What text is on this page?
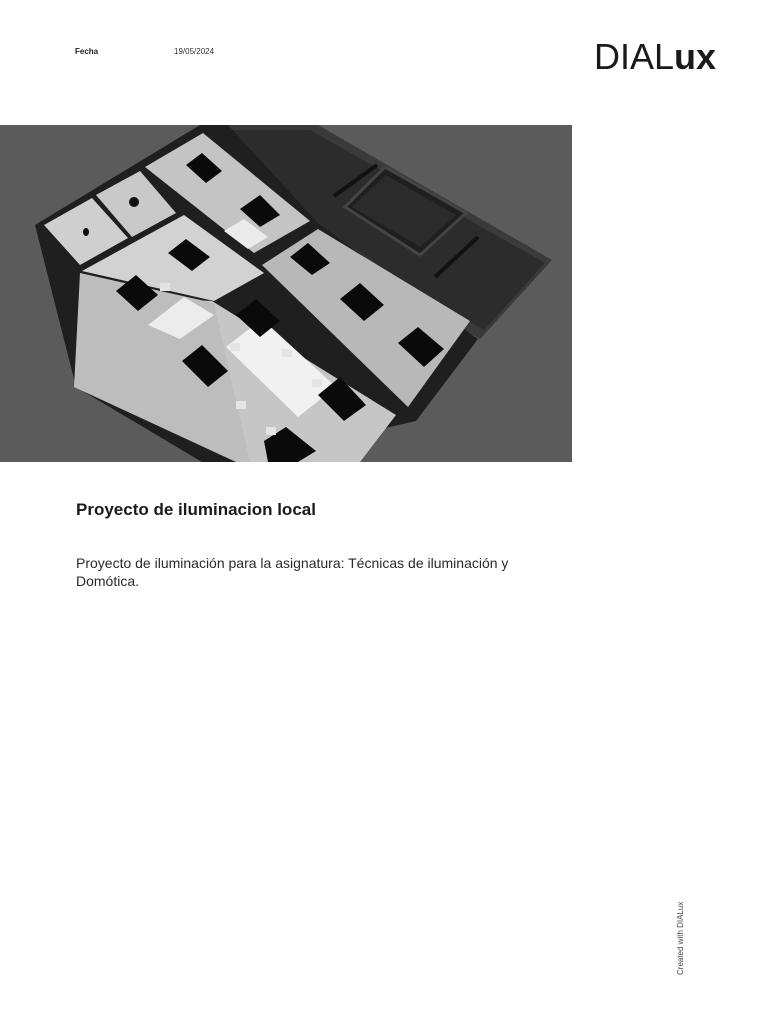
Fecha	19/05/2024	DIALux
Proyecto de iluminacion local

Proyecto de iluminación para la asignatura: Técnicas de iluminación y Domótica.

Created with DIALux
